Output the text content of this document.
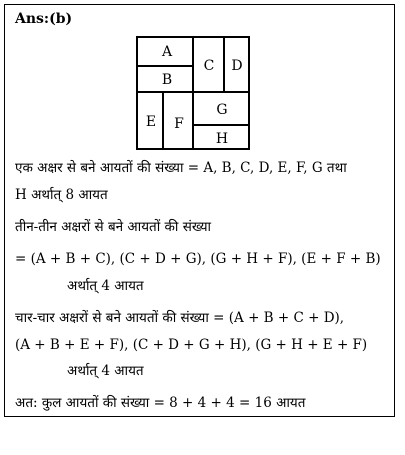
Ans:(b)
A
B
C	D
E	F
G
H
एक अक्षर से बने आयतों की संख्या = A, B, C, D, E, F, G तथा
H अर्थात् 8 आयत
तीन-तीन अक्षरों से बने आयतों की संख्या
= (A + B + C), (C + D + G), (G + H + F), (E + F + B)
अर्थात् 4 आयत
चार-चार अक्षरों से बने आयतों की संख्या = (A + B + C + D),
(A + B + E + F), (C + D + G + H), (G + H + E + F)
अर्थात् 4 आयत
अत: कुल आयतों की संख्या = 8 + 4 + 4 = 16 आयत
